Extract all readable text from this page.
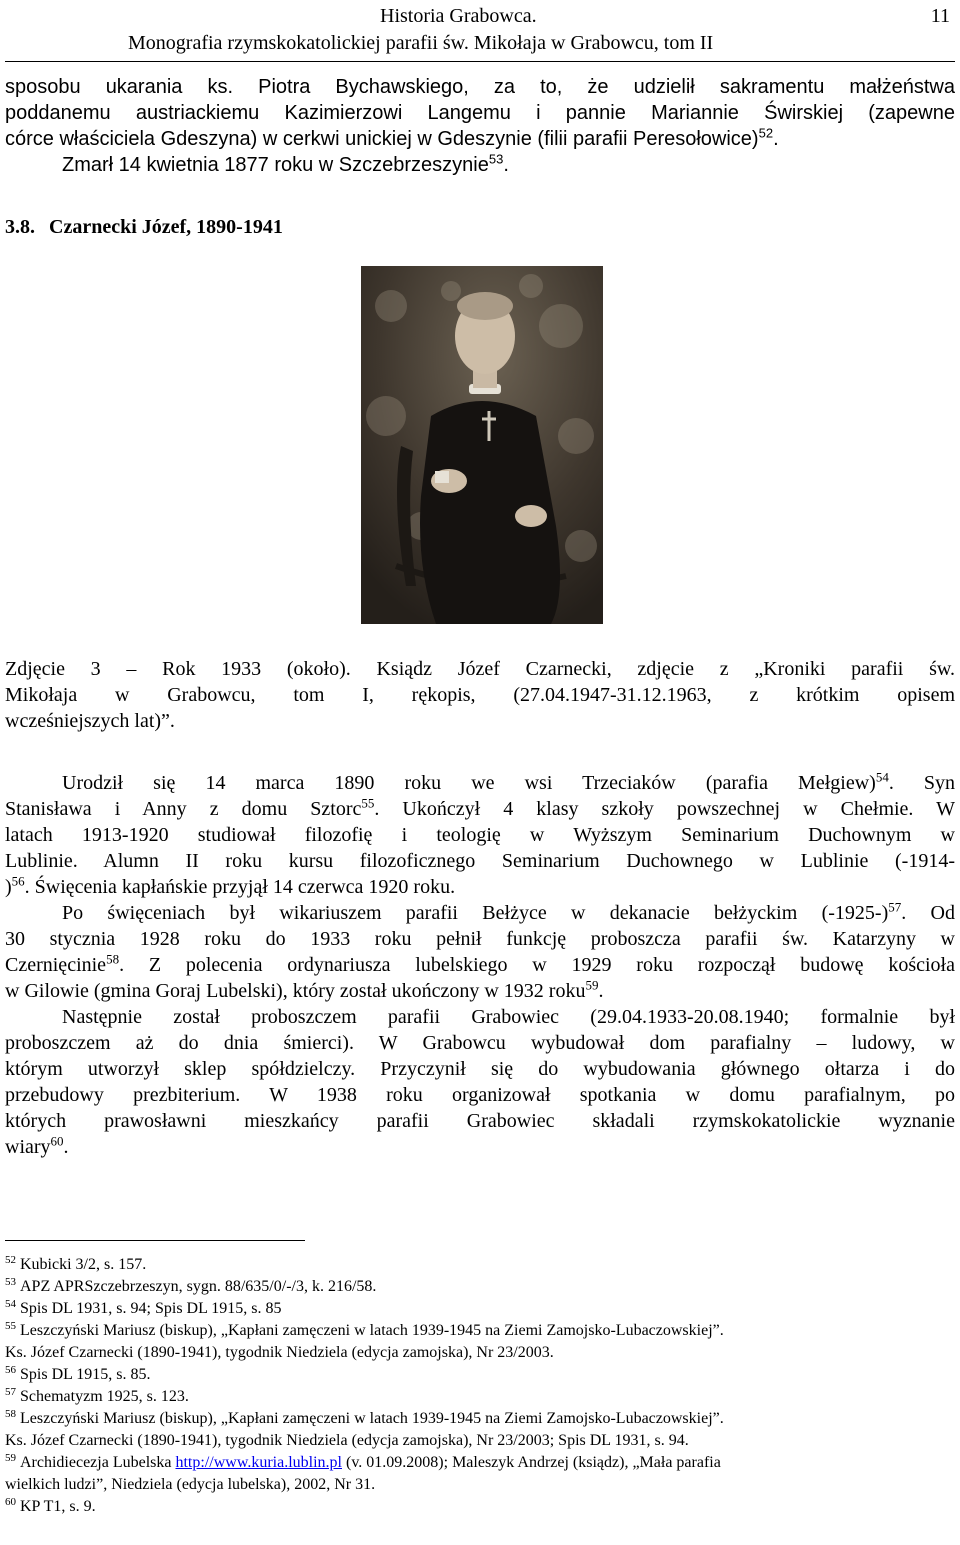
Historia Grabowca.
Monografia rzymskokatolickiej parafii św. Mikołaja w Grabowcu, tom II
11
sposobu ukarania ks. Piotra Bychawskiego, za to, że udzielił sakramentu małżeństwa
poddanemu austriackiemu Kazimierzowi Langemu i pannie Mariannie Świrskiej (zapewne
córce właściciela Gdeszyna) w cerkwi unickiej w Gdeszynie (filii parafii Peresołowice)$^{52}$.
Zmarł 14 kwietnia 1877 roku w Szczebrzeszynie$^{53}$.
3.8. Czarnecki Józef, 1890-1941
Zdjęcie 3 – Rok 1933 (około). Ksiądz Józef Czarnecki, zdjęcie z „Kroniki parafii św.
Mikołaja w Grabowcu, tom I, rękopis, (27.04.1947-31.12.1963, z krótkim opisem
wcześniejszych lat)”.
Urodził się 14 marca 1890 roku we wsi Trzeciaków (parafia Mełgiew)$^{54}$. Syn
Stanisława i Anny z domu Sztorc$^{55}$. Ukończył 4 klasy szkoły powszechnej w Chełmie. W
latach 1913-1920 studiował filozofię i teologię w Wyższym Seminarium Duchownym w
Lublinie. Alumn II roku kursu filozoficznego Seminarium Duchownego w Lublinie (-1914-
)$^{56}$. Święcenia kapłańskie przyjął 14 czerwca 1920 roku.
Po święceniach był wikariuszem parafii Bełżyce w dekanacie bełżyckim $(-1925-)^{57}$. Od
30 stycznia 1928 roku do 1933 roku pełnił funkcję proboszcza parafii św. Katarzyny w
Czernięcinie$^{58}$. Z polecenia ordynariusza lubelskiego w 1929 roku rozpoczął budowę kościoła
w Gilowie (gmina Goraj Lubelski), który został ukończony w 1932 roku$^{59}$.
Następnie został proboszczem parafii Grabowiec (29.04.1933-20.08.1940; formalnie był
proboszczem aż do dnia śmierci). W Grabowcu wybudował dom parafialny – ludowy, w
którym utworzył sklep spółdzielczy. Przyczynił się do wybudowania głównego ołtarza i do
przebudowy prezbiterium. W 1938 roku organizował spotkania w domu parafialnym, po
których prawosławni mieszkańcy parafii Grabowiec składali rzymskokatolickie wyznanie
wiary$^{60}$.
$^{52}$ Kubicki 3/2, s. 157.
$^{53}$ APZ APRSzczebrzeszyn, sygn. 88/635/0/-/3, k. 216/58.
$^{54}$ Spis DL 1931, s. 94; Spis DL 1915, s. 85
$^{55}$ Leszczyński Mariusz (biskup), „Kapłani zamęczeni w latach 1939-1945 na Ziemi Zamojsko-Lubaczowskiej”.
Ks. Józef Czarnecki (1890-1941), tygodnik Niedziela (edycja zamojska), Nr 23/2003.
$^{56}$ Spis DL 1915, s. 85.
$^{57}$ Schematyzm 1925, s. 123.
$^{58}$ Leszczyński Mariusz (biskup), „Kapłani zamęczeni w latach 1939-1945 na Ziemi Zamojsko-Lubaczowskiej”.
Ks. Józef Czarnecki (1890-1941), tygodnik Niedziela (edycja zamojska), Nr 23/2003; Spis DL 1931, s. 94.
$^{59}$ Archidiecezja Lubelska http://www.kuria.lublin.pl (v. 01.09.2008); Maleszyk Andrzej (ksiądz), „Mała parafia
wielkich ludzi”, Niedziela (edycja lubelska), 2002, Nr 31.
$^{60}$ KP T1, s. 9.
